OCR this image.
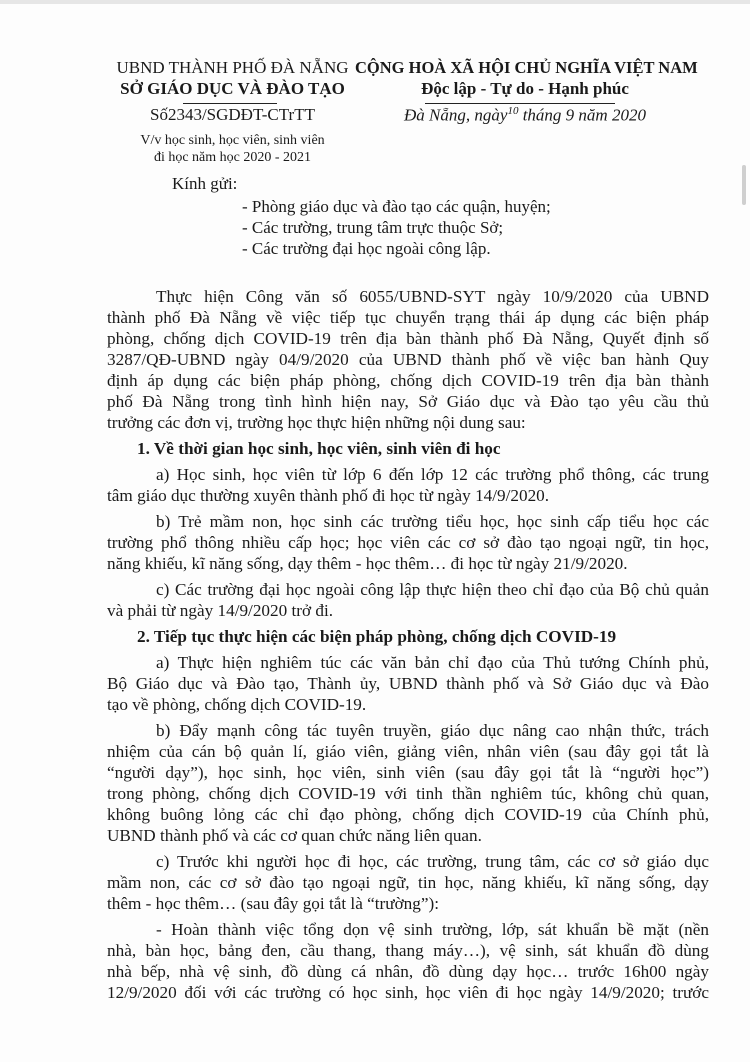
UBND THÀNH PHỐ ĐÀ NẴNG
SỞ GIÁO DỤC VÀ ĐÀO TẠO
Số2343/SGDĐT-CTrTT
V/v học sinh, học viên, sinh viên
đi học năm học 2020 - 2021
CỘNG HOÀ XÃ HỘI CHỦ NGHĨA VIỆT NAM
Độc lập - Tự do - Hạnh phúc
Đà Nẵng, ngày$^{10}$ tháng 9 năm 2020
Kính gửi:
- Phòng giáo dục và đào tạo các quận, huyện;
- Các trường, trung tâm trực thuộc Sở;
- Các trường đại học ngoài công lập.
Thực hiện Công văn số 6055/UBND-SYT ngày 10/9/2020 của UBND
thành phố Đà Nẵng về việc tiếp tục chuyển trạng thái áp dụng các biện pháp
phòng, chống dịch COVID-19 trên địa bàn thành phố Đà Nẵng, Quyết định số
3287/QĐ-UBND ngày 04/9/2020 của UBND thành phố về việc ban hành Quy
định áp dụng các biện pháp phòng, chống dịch COVID-19 trên địa bàn thành
phố Đà Nẵng trong tình hình hiện nay, Sở Giáo dục và Đào tạo yêu cầu thủ
trưởng các đơn vị, trường học thực hiện những nội dung sau:
1. Về thời gian học sinh, học viên, sinh viên đi học
a) Học sinh, học viên từ lớp 6 đến lớp 12 các trường phổ thông, các trung
tâm giáo dục thường xuyên thành phố đi học từ ngày 14/9/2020.
b) Trẻ mầm non, học sinh các trường tiểu học, học sinh cấp tiểu học các
trường phổ thông nhiều cấp học; học viên các cơ sở đào tạo ngoại ngữ, tin học,
năng khiếu, kĩ năng sống, dạy thêm - học thêm… đi học từ ngày 21/9/2020.
c) Các trường đại học ngoài công lập thực hiện theo chỉ đạo của Bộ chủ quản
và phải từ ngày 14/9/2020 trở đi.
2. Tiếp tục thực hiện các biện pháp phòng, chống dịch COVID-19
a) Thực hiện nghiêm túc các văn bản chỉ đạo của Thủ tướng Chính phủ,
Bộ Giáo dục và Đào tạo, Thành ủy, UBND thành phố và Sở Giáo dục và Đào
tạo về phòng, chống dịch COVID-19.
b) Đẩy mạnh công tác tuyên truyền, giáo dục nâng cao nhận thức, trách
nhiệm của cán bộ quản lí, giáo viên, giảng viên, nhân viên (sau đây gọi tắt là
“người dạy”), học sinh, học viên, sinh viên (sau đây gọi tắt là “người học”)
trong phòng, chống dịch COVID-19 với tinh thần nghiêm túc, không chủ quan,
không buông lỏng các chỉ đạo phòng, chống dịch COVID-19 của Chính phủ,
UBND thành phố và các cơ quan chức năng liên quan.
c) Trước khi người học đi học, các trường, trung tâm, các cơ sở giáo dục
mầm non, các cơ sở đào tạo ngoại ngữ, tin học, năng khiếu, kĩ năng sống, dạy
thêm - học thêm… (sau đây gọi tắt là “trường”):
- Hoàn thành việc tổng dọn vệ sinh trường, lớp, sát khuẩn bề mặt (nền
nhà, bàn học, bảng đen, cầu thang, thang máy…), vệ sinh, sát khuẩn đồ dùng
nhà bếp, nhà vệ sinh, đồ dùng cá nhân, đồ dùng dạy học… trước 16h00 ngày
12/9/2020 đối với các trường có học sinh, học viên đi học ngày 14/9/2020; trước
